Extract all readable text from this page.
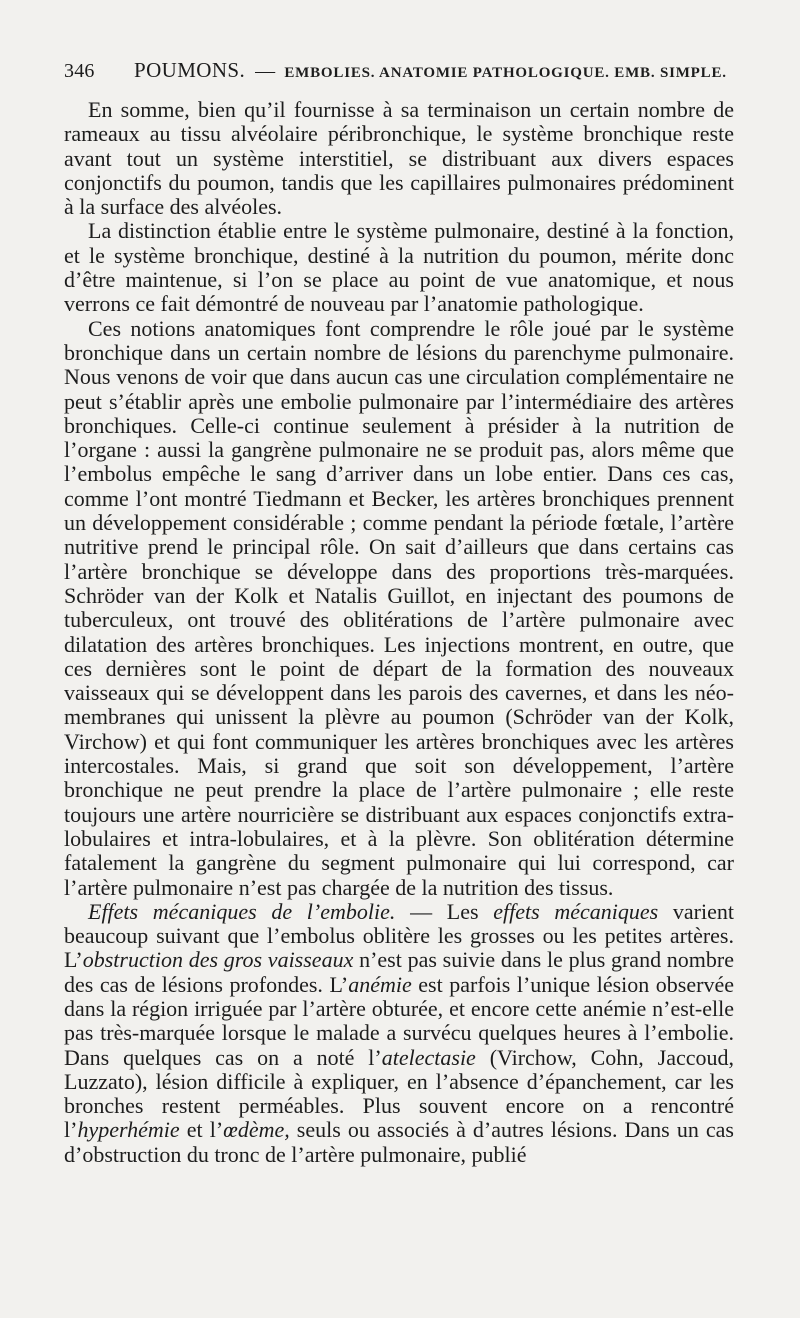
346	POUMONS. — EMBOLIES. ANATOMIE PATHOLOGIQUE. EMB. SIMPLE.

En somme, bien qu’il fournisse à sa terminaison un certain nombre de rameaux au tissu alvéolaire péribronchique, le système bronchique reste avant tout un système interstitiel, se distribuant aux divers espaces conjonctifs du poumon, tandis que les capillaires pulmonaires prédominent à la surface des alvéoles.

La distinction établie entre le système pulmonaire, destiné à la fonction, et le système bronchique, destiné à la nutrition du poumon, mérite donc d’être maintenue, si l’on se place au point de vue anatomique, et nous verrons ce fait démontré de nouveau par l’anatomie pathologique.

Ces notions anatomiques font comprendre le rôle joué par le système bronchique dans un certain nombre de lésions du parenchyme pulmonaire. Nous venons de voir que dans aucun cas une circulation complémentaire ne peut s’établir après une embolie pulmonaire par l’intermédiaire des artères bronchiques. Celle-ci continue seulement à présider à la nutrition de l’organe : aussi la gangrène pulmonaire ne se produit pas, alors même que l’embolus empêche le sang d’arriver dans un lobe entier. Dans ces cas, comme l’ont montré Tiedmann et Becker, les artères bronchiques prennent un développement considérable ; comme pendant la période fœtale, l’artère nutritive prend le principal rôle. On sait d’ailleurs que dans certains cas l’artère bronchique se développe dans des proportions très-marquées. Schröder van der Kolk et Natalis Guillot, en injectant des poumons de tuberculeux, ont trouvé des oblitérations de l’artère pulmonaire avec dilatation des artères bronchiques. Les injections montrent, en outre, que ces dernières sont le point de départ de la formation des nouveaux vaisseaux qui se développent dans les parois des cavernes, et dans les néo-membranes qui unissent la plèvre au poumon (Schröder van der Kolk, Virchow) et qui font communiquer les artères bronchiques avec les artères intercostales. Mais, si grand que soit son développement, l’artère bronchique ne peut prendre la place de l’artère pulmonaire ; elle reste toujours une artère nourricière se distribuant aux espaces conjonctifs extra-lobulaires et intra-lobulaires, et à la plèvre. Son oblitération détermine fatalement la gangrène du segment pulmonaire qui lui correspond, car l’artère pulmonaire n’est pas chargée de la nutrition des tissus.

Effets mécaniques de l’embolie. — Les effets mécaniques varient beaucoup suivant que l’embolus oblitère les grosses ou les petites artères. L’obstruction des gros vaisseaux n’est pas suivie dans le plus grand nombre des cas de lésions profondes. L’anémie est parfois l’unique lésion observée dans la région irriguée par l’artère obturée, et encore cette anémie n’est-elle pas très-marquée lorsque le malade a survécu quelques heures à l’embolie. Dans quelques cas on a noté l’atelectasie (Virchow, Cohn, Jaccoud, Luzzato), lésion difficile à expliquer, en l’absence d’épanchement, car les bronches restent perméables. Plus souvent encore on a rencontré l’hyperhémie et l’œdème, seuls ou associés à d’autres lésions. Dans un cas d’obstruction du tronc de l’artère pulmonaire, publié
